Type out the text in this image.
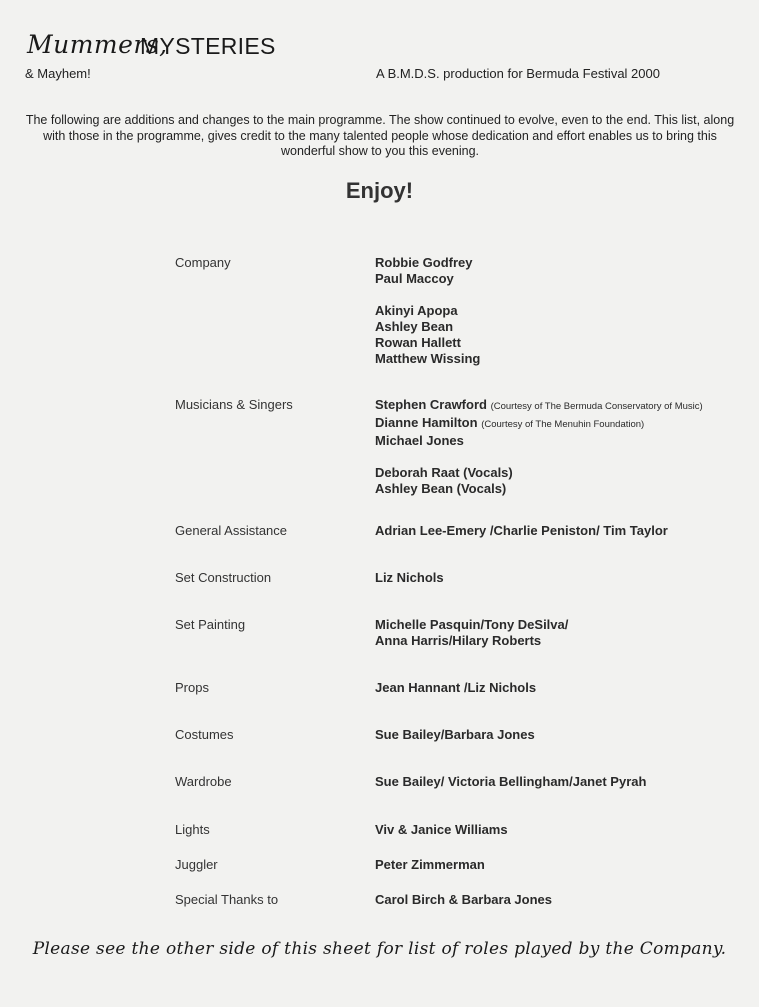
Mummers,
MYSTERIES
& Mayhem!	A B.M.D.S. production for Bermuda Festival 2000
The following are additions and changes to the main programme. The show continued to evolve, even to the end. This list, along with those in the programme, gives credit to the many talented people whose dedication and effort enables us to bring this wonderful show to you this evening.
Enjoy!
Company	Robbie Godfrey
Paul Maccoy
Akinyi Apopa
Ashley Bean
Rowan Hallett
Matthew Wissing
Musicians & Singers	Stephen Crawford (Courtesy of The Bermuda Conservatory of Music)
Dianne Hamilton (Courtesy of The Menuhin Foundation)
Michael Jones
Deborah Raat (Vocals)
Ashley Bean (Vocals)
General Assistance	Adrian Lee-Emery /Charlie Peniston/ Tim Taylor
Set Construction	Liz Nichols
Set Painting	Michelle Pasquin/Tony DeSilva/
Anna Harris/Hilary Roberts
Props	Jean Hannant /Liz Nichols
Costumes	Sue Bailey/Barbara Jones
Wardrobe	Sue Bailey/ Victoria Bellingham/Janet Pyrah
Lights	Viv & Janice Williams
Juggler	Peter Zimmerman
Special Thanks to	Carol Birch & Barbara Jones
Please see the other side of this sheet for list of roles played by the Company.
